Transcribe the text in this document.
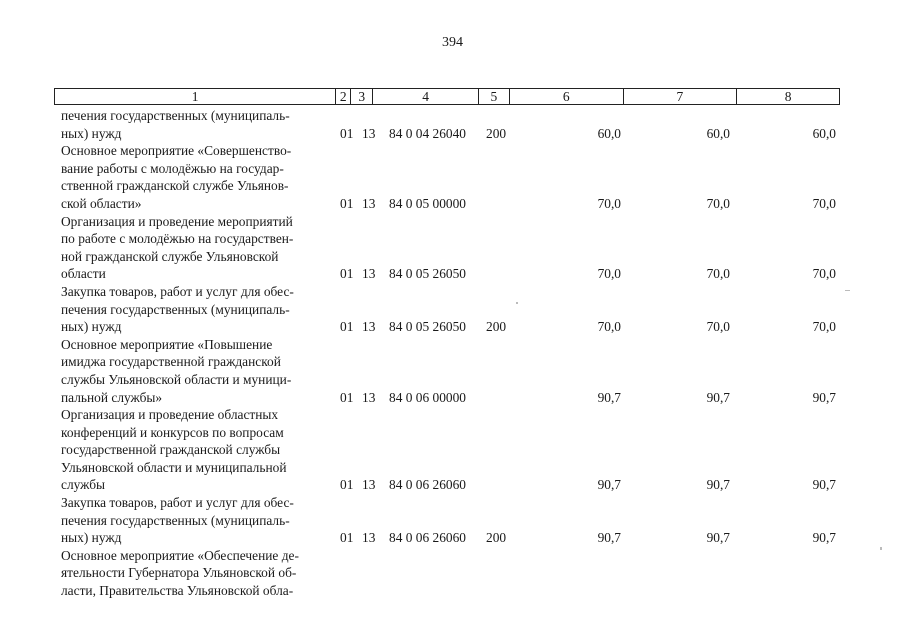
394
1	2 3	4	5	6	7	8
печения государственных (муниципаль-
ных) нужд	01 13 84 0 04 26040 200	60,0	60,0	60,0
Основное мероприятие «Совершенство-
вание работы с молодёжью на государ-
ственной гражданской службе Ульянов-
ской области»	01 13 84 0 05 00000	70,0	70,0	70,0
Организация и проведение мероприятий
по работе с молодёжью на государствен-
ной гражданской службе Ульяновской
области	01 13 84 0 05 26050	70,0	70,0	70,0
Закупка товаров, работ и услуг для обес-
печения государственных (муниципаль-
ных) нужд	01 13 84 0 05 26050 200	70,0	70,0	70,0
Основное мероприятие «Повышение
имиджа государственной гражданской
службы Ульяновской области и муници-
пальной службы»	01 13 84 0 06 00000	90,7	90,7	90,7
Организация и проведение областных
конференций и конкурсов по вопросам
государственной гражданской службы
Ульяновской области и муниципальной
службы	01 13 84 0 06 26060	90,7	90,7	90,7
Закупка товаров, работ и услуг для обес-
печения государственных (муниципаль-
ных) нужд	01 13 84 0 06 26060 200	90,7	90,7	90,7
Основное мероприятие «Обеспечение де-
ятельности Губернатора Ульяновской об-
ласти, Правительства Ульяновской обла-
